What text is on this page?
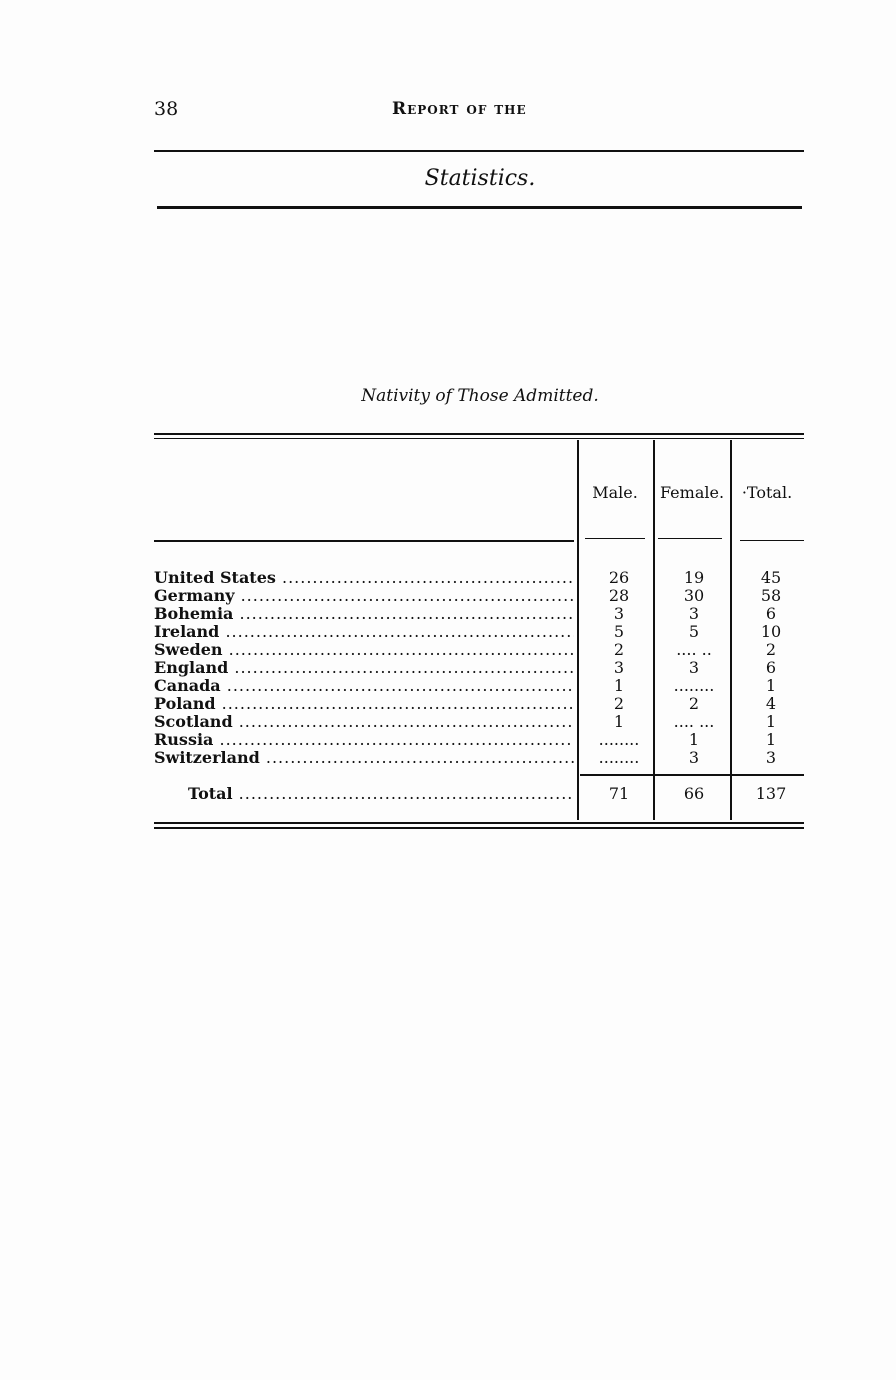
38	Report of the
Statistics.
Nativity of Those Admitted.
Male.	Female.	·Total.
United States .....	26	19	45
Germany .....	28	30	58
Bohemia .....	3	3	6
Ireland .....	5	5	10
Sweden .....	2	.... ..	2
England .....	3	3	6
Canada .....	1	........	1
Poland .....	2	2	4
Scotland .....	1	.... ...	1
Russia .....	........	1	1
Switzerland .....	........	3	3
Total .....	71	66	137
